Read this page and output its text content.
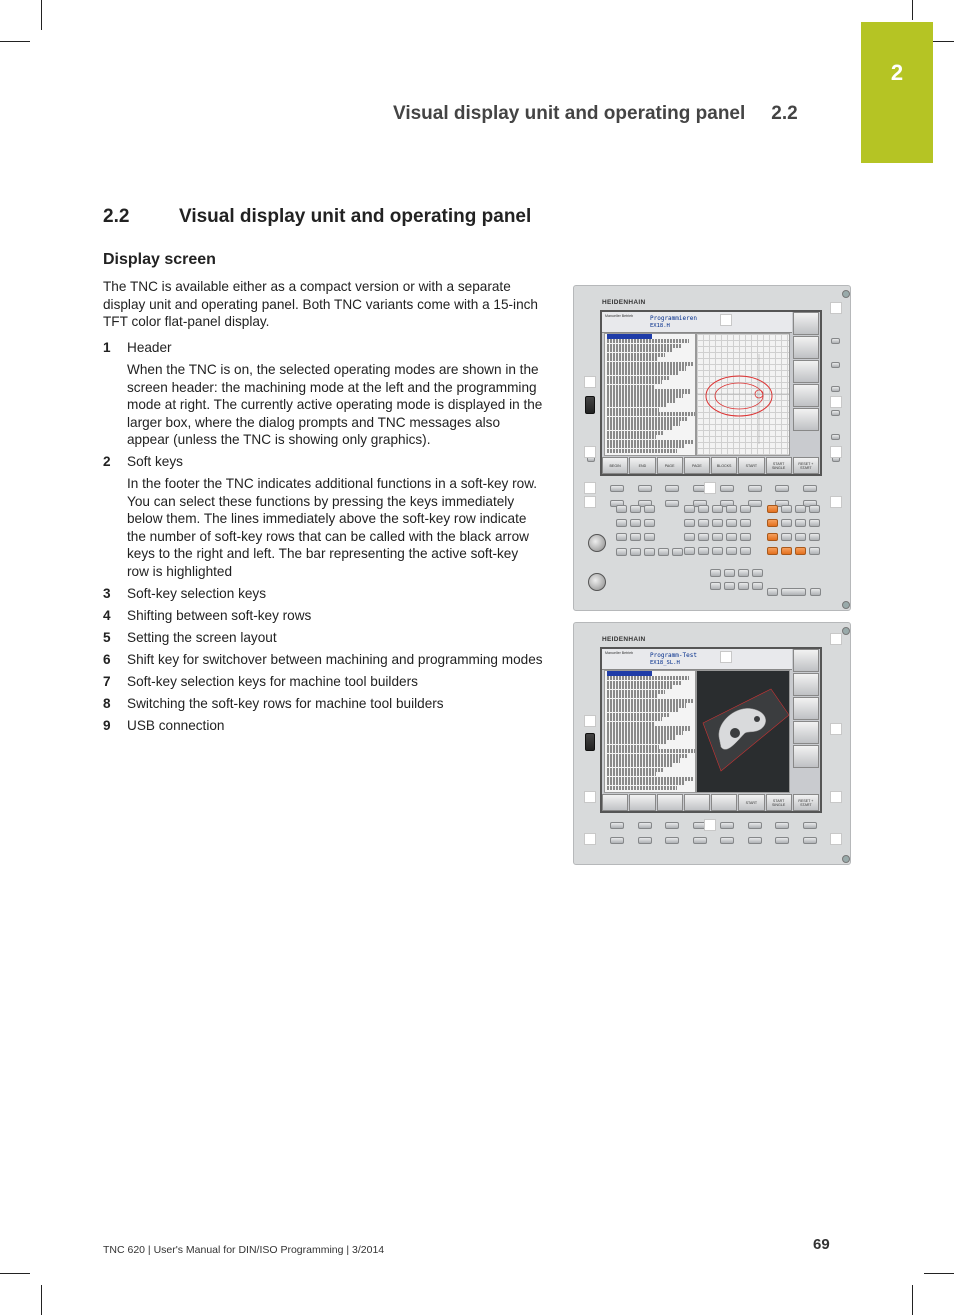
2
Visual display unit and operating panel 2.2
2.2	Visual display unit and operating panel
Display screen
The TNC is available either as a compact version or with a separate display unit and operating panel. Both TNC variants come with a 15-inch TFT color flat-panel display.
1	Header
When the TNC is on, the selected operating modes are shown in the screen header: the machining mode at the left and the programming mode at right. The currently active operating mode is displayed in the larger box, where the dialog prompts and TNC messages also appear (unless the TNC is showing only graphics).
2	Soft keys
In the footer the TNC indicates additional functions in a soft-key row. You can select these functions by pressing the keys immediately below them. The lines immediately above the soft-key row indicate the number of soft-key rows that can be called with the black arrow keys to the right and left. The bar representing the active soft-key row is highlighted
3	Soft-key selection keys
4	Shifting between soft-key rows
5	Setting the screen layout
6	Shift key for switchover between machining and programming modes
7	Soft-key selection keys for machine tool builders
8	Switching the soft-key rows for machine tool builders
9	USB connection
HEIDENHAIN
Manueller Betrieb	Programmieren
EX18.H
BEGIN	END	PAGE	PAGE	BLOCKS	START	START SINGLE
RESET + START
HEIDENHAIN
Manueller Betrieb	Programm-Test
EX18_SL.H
START	START SINGLE
RESET + START
TNC 620 | User's Manual for DIN/ISO Programming | 3/2014	69
